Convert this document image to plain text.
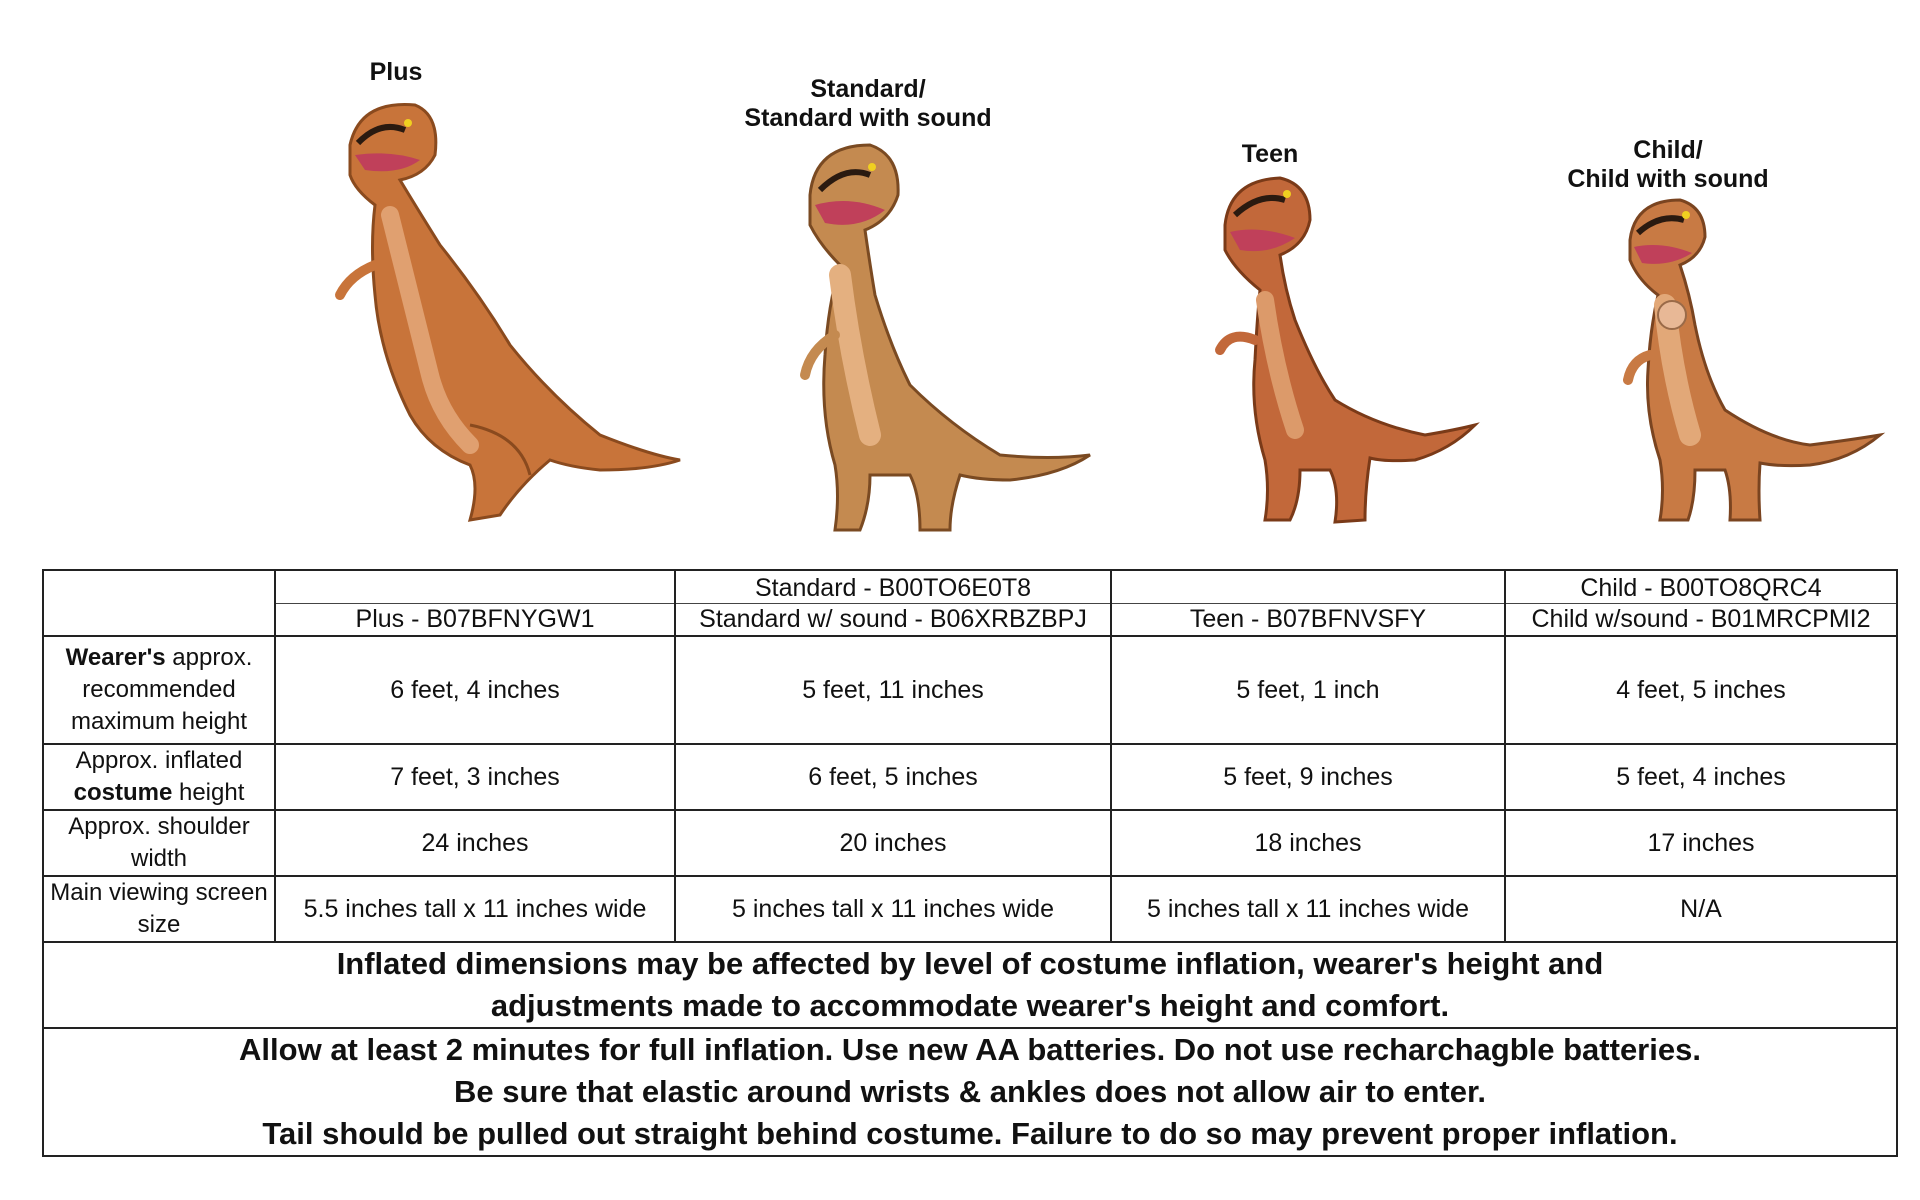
Plus
Standard/
Standard with sound
Teen	Child/
Child with sound
		Standard - B00TO6E0T8		Child - B00TO8QRC4
	Plus - B07BFNYGW1	Standard w/ sound - B06XRBZBPJ	Teen - B07BFNVSFY	Child w/sound - B01MRCPMI2
Wearer's approx. recommended maximum height	6 feet, 4 inches	5 feet, 11 inches	5 feet, 1 inch	4 feet, 5 inches
Approx. inflated costume height	7 feet, 3 inches	6 feet, 5 inches	5 feet, 9 inches	5 feet, 4 inches
Approx. shoulder width	24 inches	20 inches	18 inches	17 inches
Main viewing screen size	5.5 inches tall x 11 inches wide	5 inches tall x 11 inches wide	5 inches tall x 11 inches wide	N/A

Inflated dimensions may be affected by level of costume inflation, wearer's height and
adjustments made to accommodate wearer's height and comfort.				

Allow at least 2 minutes for full inflation. Use new AA batteries. Do not use recharchagble batteries.
Be sure that elastic around wrists & ankles does not allow air to enter.
Tail should be pulled out straight behind costume. Failure to do so may prevent proper inflation.				
